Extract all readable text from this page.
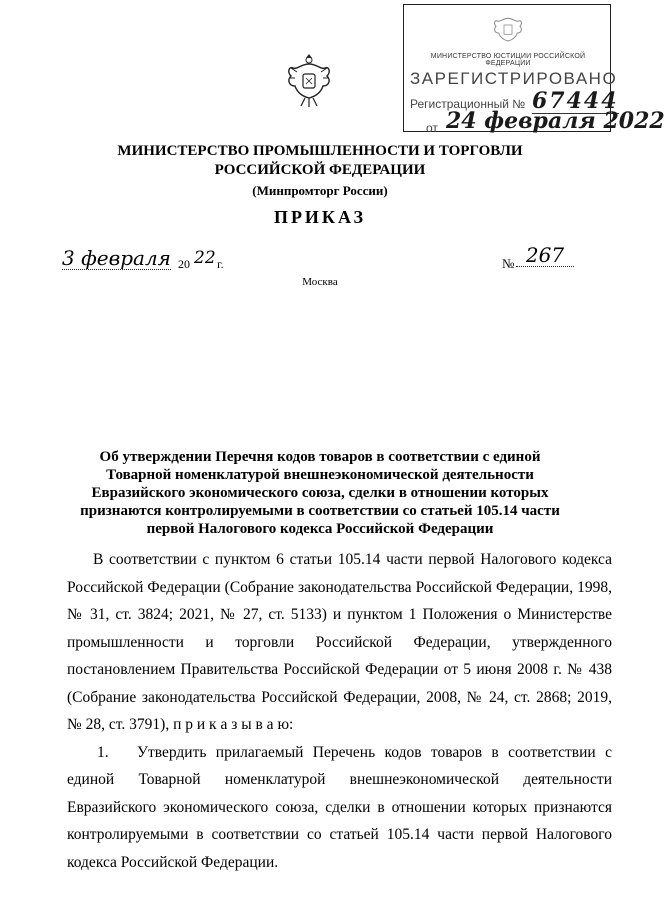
МИНИСТЕРСТВО ЮСТИЦИИ РОССИЙСКОЙ ФЕДЕРАЦИИ
ЗАРЕГИСТРИРОВАНО
Регистрационный № 67444
от 24 февраля 2022
МИНИСТЕРСТВО ПРОМЫШЛЕННОСТИ И ТОРГОВЛИ
РОССИЙСКОЙ ФЕДЕРАЦИИ
(Минпромторг России)
ПРИКАЗ
3 февраля 20 22 г.	№ 267
Москва
Об утверждении Перечня кодов товаров в соответствии с единой Товарной номенклатурой внешнеэкономической деятельности Евразийского экономического союза, сделки в отношении которых признаются контролируемыми в соответствии со статьей 105.14 части первой Налогового кодекса Российской Федерации

В соответствии с пунктом 6 статьи 105.14 части первой Налогового кодекса Российской Федерации (Собрание законодательства Российской Федерации, 1998, № 31, ст. 3824; 2021, № 27, ст. 5133) и пунктом 1 Положения о Министерстве промышленности и торговли Российской Федерации, утвержденного постановлением Правительства Российской Федерации от 5 июня 2008 г. № 438 (Собрание законодательства Российской Федерации, 2008, № 24, ст. 2868; 2019, № 28, ст. 3791), п р и к а з ы в а ю:

1. Утвердить прилагаемый Перечень кодов товаров в соответствии с единой Товарной номенклатурой внешнеэкономической деятельности Евразийского экономического союза, сделки в отношении которых признаются контролируемыми в соответствии со статьей 105.14 части первой Налогового кодекса Российской Федерации.
